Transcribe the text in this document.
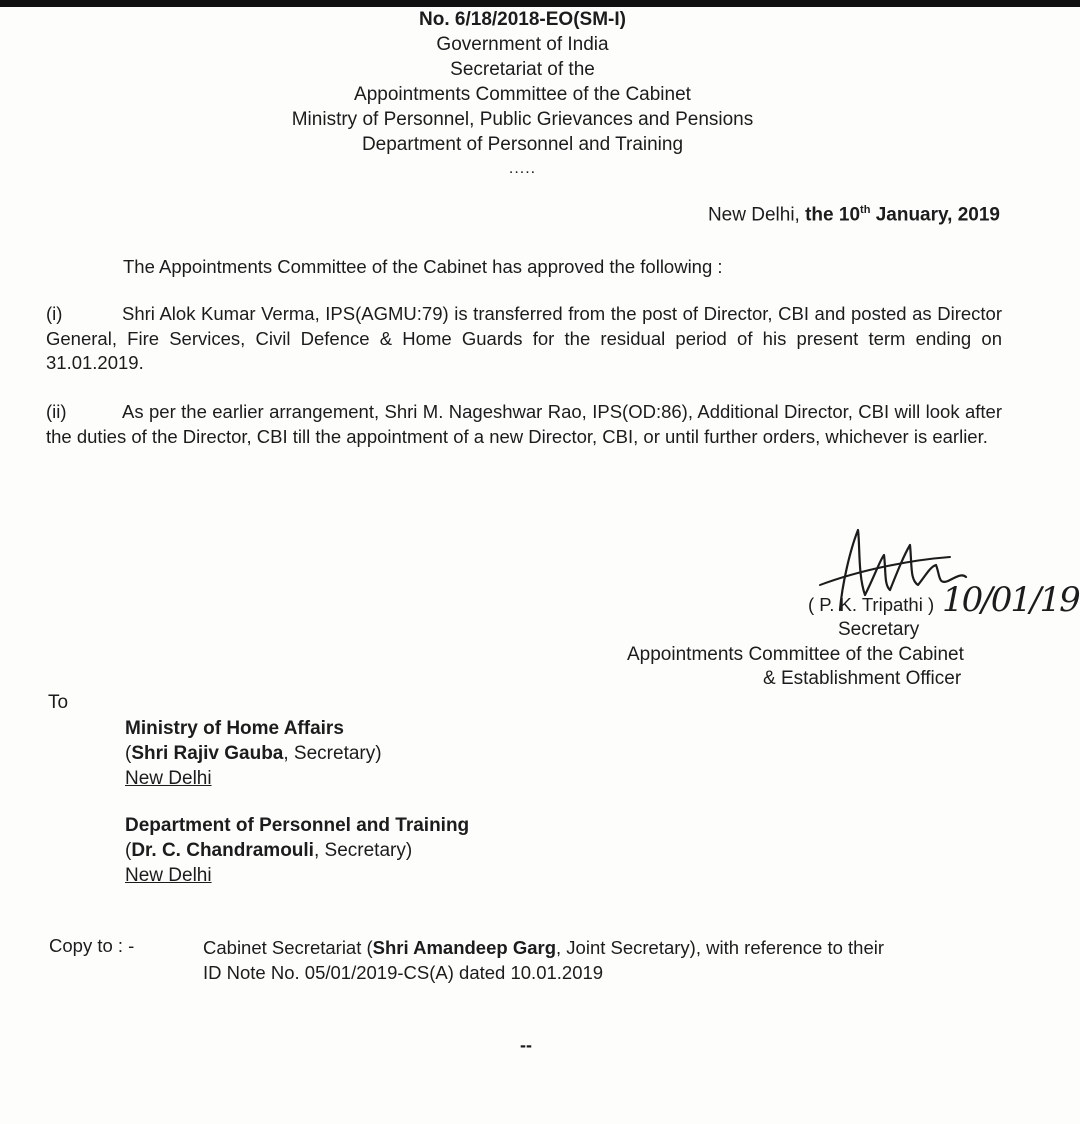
No. 6/18/2018-EO(SM-I)
Government of India
Secretariat of the
Appointments Committee of the Cabinet
Ministry of Personnel, Public Grievances and Pensions
Department of Personnel and Training
.....
New Delhi, the 10th January, 2019
The Appointments Committee of the Cabinet has approved the following :
(i)	Shri Alok Kumar Verma, IPS(AGMU:79) is transferred from the post of Director, CBI and posted as Director General, Fire Services, Civil Defence & Home Guards for the residual period of his present term ending on 31.01.2019.
(ii)	As per the earlier arrangement, Shri M. Nageshwar Rao, IPS(OD:86), Additional Director, CBI will look after the duties of the Director, CBI till the appointment of a new Director, CBI, or until further orders, whichever is earlier.
( P. K. Tripathi ) 10/01/19
Secretary
Appointments Committee of the Cabinet
& Establishment Officer
To
Ministry of Home Affairs
(Shri Rajiv Gauba, Secretary)
New Delhi
Department of Personnel and Training
(Dr. C. Chandramouli, Secretary)
New Delhi
Copy to : -	Cabinet Secretariat (Shri Amandeep Garg, Joint Secretary), with reference to their
ID Note No. 05/01/2019-CS(A) dated 10.01.2019
--
